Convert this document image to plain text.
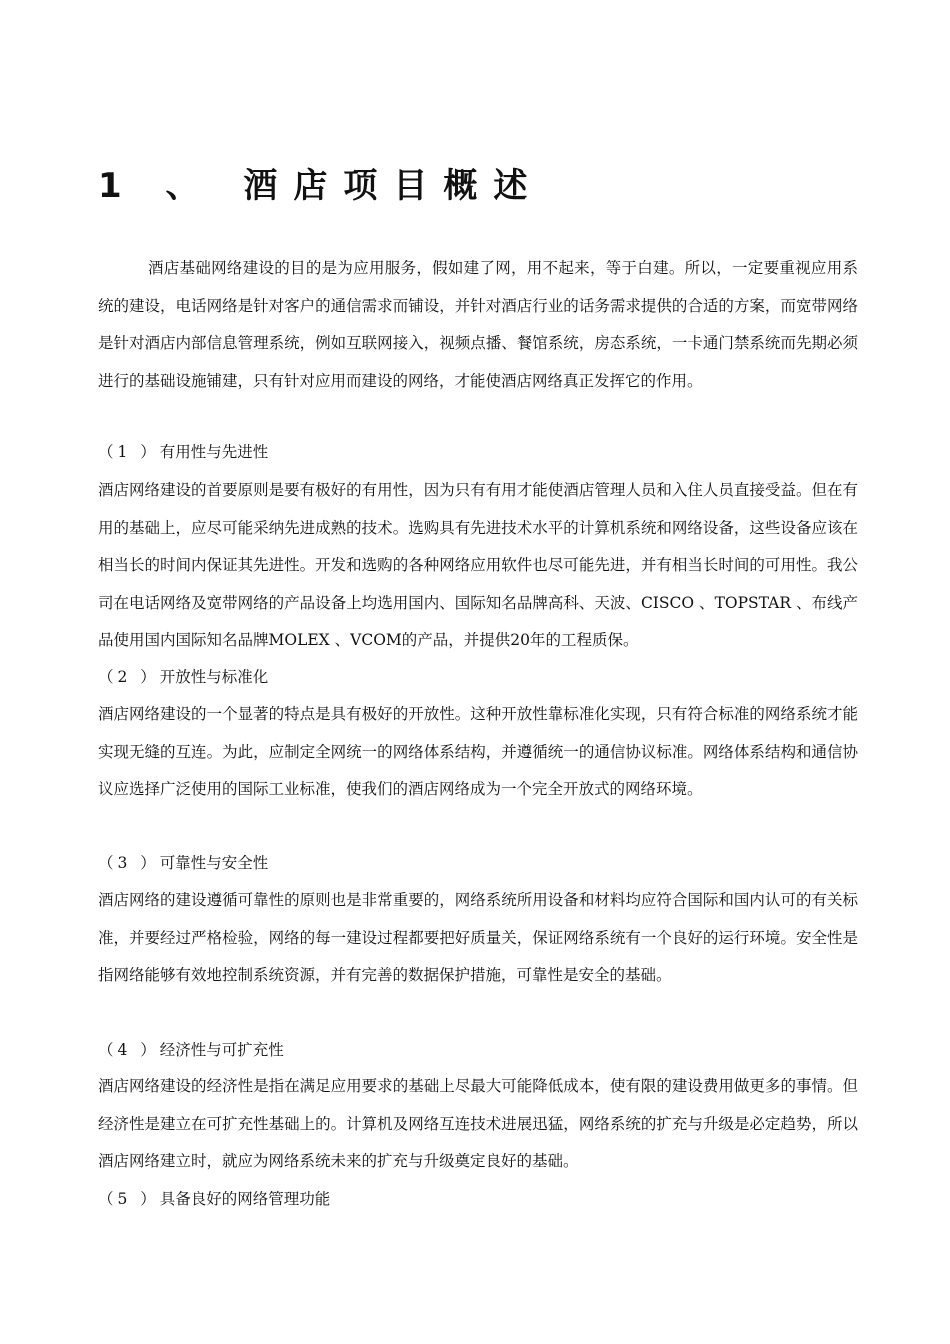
1 、 酒店项目概述

酒店基础网络建设的目的是为应用服务，假如建了网，用不起来，等于白建。所以，一定要重视应用系统的建设，电话网络是针对客户的通信需求而铺设，并针对酒店行业的话务需求提供的合适的方案，而宽带网络是针对酒店内部信息管理系统，例如互联网接入，视频点播、餐馆系统，房态系统，一卡通门禁系统而先期必须进行的基础设施铺建，只有针对应用而建设的网络，才能使酒店网络真正发挥它的作用。

（1 ）有用性与先进性

酒店网络建设的首要原则是要有极好的有用性，因为只有有用才能使酒店管理人员和入住人员直接受益。但在有用的基础上，应尽可能采纳先进成熟的技术。选购具有先进技术水平的计算机系统和网络设备，这些设备应该在相当长的时间内保证其先进性。开发和选购的各种网络应用软件也尽可能先进，并有相当长时间的可用性。我公司在电话网络及宽带网络的产品设备上均选用国内、国际知名品牌高科、天波、CISCO 、TOPSTAR 、布线产品使用国内国际知名品牌MOLEX 、VCOM的产品，并提供20年的工程质保。

（2 ）开放性与标准化

酒店网络建设的一个显著的特点是具有极好的开放性。这种开放性靠标准化实现，只有符合标准的网络系统才能实现无缝的互连。为此，应制定全网统一的网络体系结构，并遵循统一的通信协议标准。网络体系结构和通信协议应选择广泛使用的国际工业标准，使我们的酒店网络成为一个完全开放式的网络环境。

（3 ）可靠性与安全性

酒店网络的建设遵循可靠性的原则也是非常重要的，网络系统所用设备和材料均应符合国际和国内认可的有关标准，并要经过严格检验，网络的每一建设过程都要把好质量关，保证网络系统有一个良好的运行环境。安全性是指网络能够有效地控制系统资源，并有完善的数据保护措施，可靠性是安全的基础。

（4 ）经济性与可扩充性

酒店网络建设的经济性是指在满足应用要求的基础上尽最大可能降低成本，使有限的建设费用做更多的事情。但经济性是建立在可扩充性基础上的。计算机及网络互连技术进展迅猛，网络系统的扩充与升级是必定趋势，所以酒店网络建立时，就应为网络系统未来的扩充与升级奠定良好的基础。

（5 ）具备良好的网络管理功能
